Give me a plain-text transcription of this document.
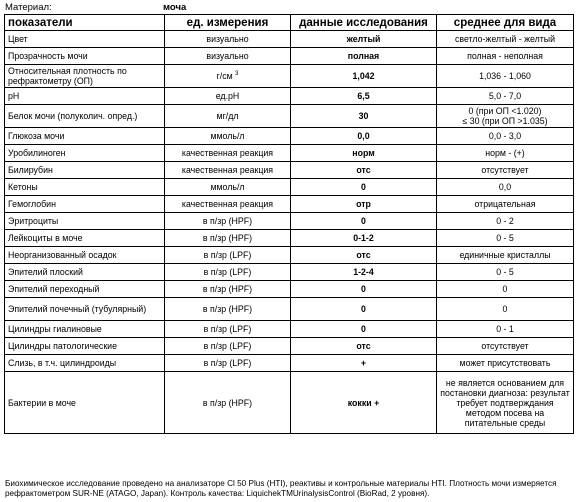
Материал:	моча
показатели	ед. измерения	данные исследования	среднее для вида
Цвет	визуально	желтый	светло-желтый - желтый
Прозрачность мочи	визуально	полная	полная - неполная
Относительная плотность по рефрактометру (ОП)	г/см $^3$	1,042	1,036 - 1,060
pH	ед.pH	6,5	5,0 - 7,0
Белок мочи (полуколич. опред.)	мг/дл	30	0 (при ОП <1.020)
≤ 30 (при ОП >1.035)
Глюкоза мочи	ммоль/л	0,0	0,0 - 3,0
Уробилиноген	качественная реакция	норм	норм - (+)
Билирубин	качественная реакция	отс	отсутствует
Кетоны	ммоль/л	0	0,0
Гемоглобин	качественная реакция	отр	отрицательная
Эритроциты	в п/зр (HPF)	0	0 - 2
Лейкоциты в моче	в п/зр (HPF)	0-1-2	0 - 5
Неорганизованный осадок	в п/зр (LPF)	отс	единичные кристаллы
Эпителий плоский	в п/зр (LPF)	1-2-4	0 - 5
Эпителий переходный	в п/зр (HPF)	0	0
Эпителий почечный (тубулярный)	в п/зр (HPF)	0	0
Цилиндры гиалиновые	в п/зр (LPF)	0	0 - 1
Цилиндры патологические	в п/зр (LPF)	отс	отсутствует
Слизь, в т.ч. цилиндроиды	в п/зр (LPF)	+	может присутствовать
Бактерии в моче	в п/зр (HPF)	кокки +	не является основанием для постановки диагноза: результат требует подтверждания методом посева на питательные среды
Биохимическое исследование проведено на анализаторе Cl 50 Plus (HTI), реактивы и контрольные материалы HTI. Плотность мочи измеряется рефрактометром SUR-NE (ATAGO, Japan). Контроль качества: LiquichekTMUrinalysisControl (BioRad, 2 уровня).
